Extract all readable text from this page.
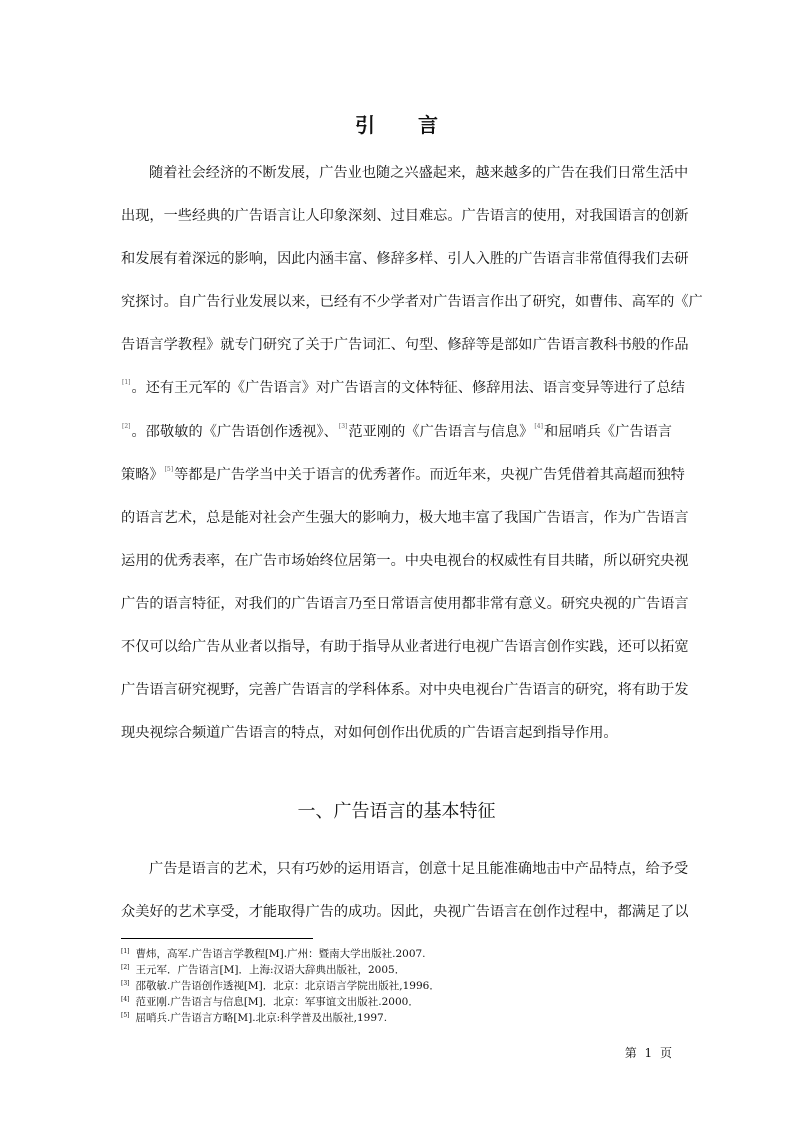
引 言
随着社会经济的不断发展，广告业也随之兴盛起来，越来越多的广告在我们日常生活中
出现，一些经典的广告语言让人印象深刻、过目难忘。广告语言的使用，对我国语言的创新
和发展有着深远的影响，因此内涵丰富、修辞多样、引人入胜的广告语言非常值得我们去研
究探讨。自广告行业发展以来，已经有不少学者对广告语言作出了研究，如曹伟、高军的《广
告语言学教程》就专门研究了关于广告词汇、句型、修辞等是部如广告语言教科书般的作品
[1]。还有王元军的《广告语言》对广告语言的文体特征、修辞用法、语言变异等进行了总结
[2]。邵敬敏的《广告语创作透视》、[3]范亚刚的《广告语言与信息》[4]和屈哨兵《广告语言
策略》[5]等都是广告学当中关于语言的优秀著作。而近年来，央视广告凭借着其高超而独特
的语言艺术，总是能对社会产生强大的影响力，极大地丰富了我国广告语言，作为广告语言
运用的优秀表率，在广告市场始终位居第一。中央电视台的权威性有目共睹，所以研究央视
广告的语言特征，对我们的广告语言乃至日常语言使用都非常有意义。研究央视的广告语言
不仅可以给广告从业者以指导，有助于指导从业者进行电视广告语言创作实践，还可以拓宽
广告语言研究视野，完善广告语言的学科体系。对中央电视台广告语言的研究，将有助于发
现央视综合频道广告语言的特点，对如何创作出优质的广告语言起到指导作用。
一、广告语言的基本特征
广告是语言的艺术，只有巧妙的运用语言，创意十足且能准确地击中产品特点，给予受
众美好的艺术享受，才能取得广告的成功。因此，央视广告语言在创作过程中，都满足了以
[1] 曹炜，高军.广告语言学教程[M].广州：暨南大学出版社.2007.
[2] 王元军．广告语言[M]．上海:汉语大辞典出版社，2005．
[3] 邵敬敏.广告语创作透视[M]．北京：北京语言学院出版社,1996．
[4] 范亚刚.广告语言与信息[M]．北京：军事谊文出版社.2000．
[5] 屈哨兵.广告语言方略[M].北京:科学普及出版社,1997.
第 1 页
